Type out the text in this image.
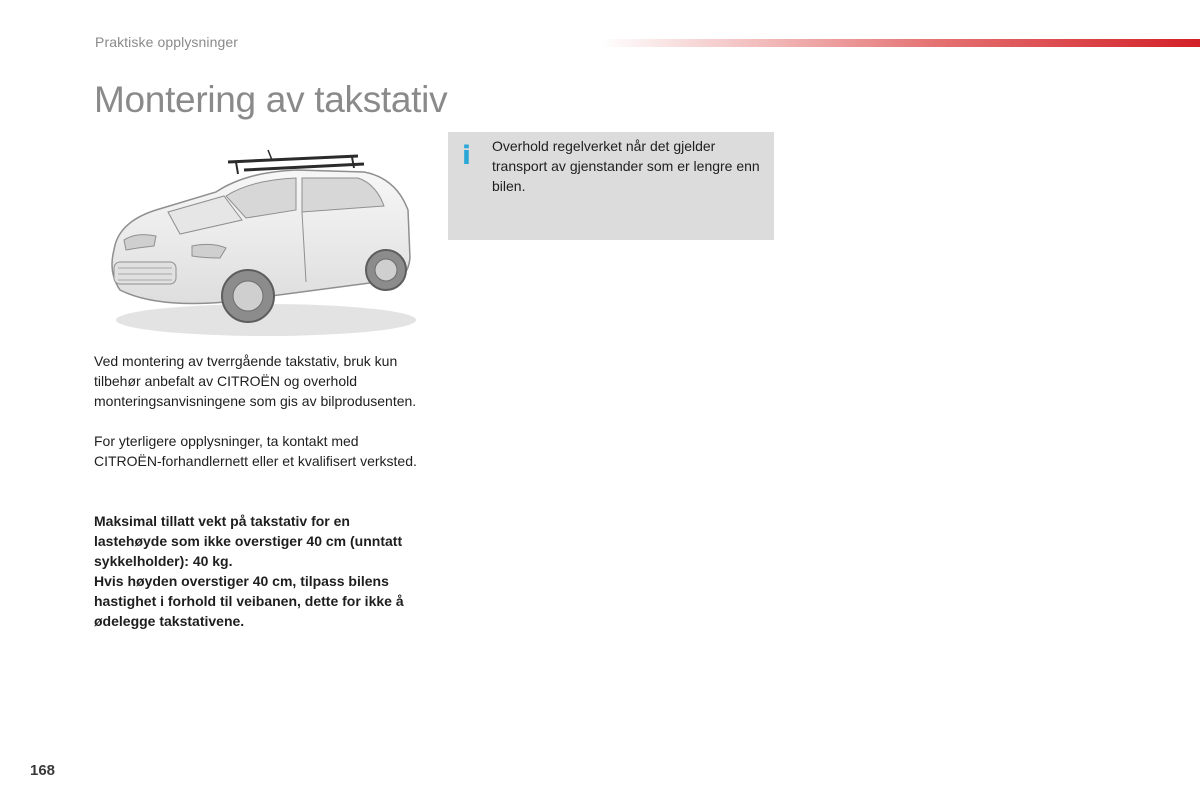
Praktiske opplysninger
Montering av takstativ

Ved montering av tverrgående takstativ, bruk kun tilbehør anbefalt av CITROËN og overhold monteringsanvisningene som gis av bilprodusenten.

For yterligere opplysninger, ta kontakt med CITROËN-forhandlernett eller et kvalifisert verksted.

Maksimal tillatt vekt på takstativ for en lastehøyde som ikke overstiger 40 cm (unntatt sykkelholder): 40 kg.
Hvis høyden overstiger 40 cm, tilpass bilens hastighet i forhold til veibanen, dette for ikke å ødelegge takstativene.

i Overhold regelverket når det gjelder transport av gjenstander som er lengre enn bilen.

168
